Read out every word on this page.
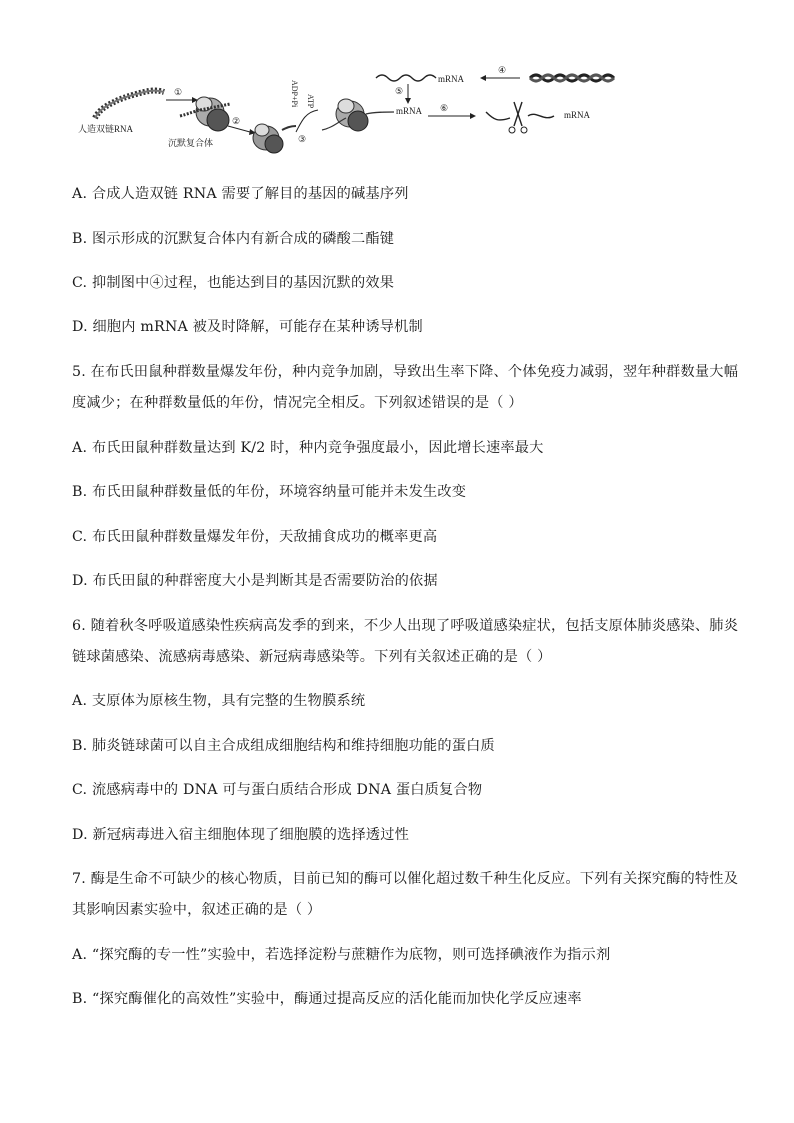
人造双链RNA
①
沉默复合体
②
ADP+Pi ATP
③
④
mRNA
⑤
mRNA ⑥
mRNA
A. 合成人造双链 RNA 需要了解目的基因的碱基序列
B. 图示形成的沉默复合体内有新合成的磷酸二酯键
C. 抑制图中④过程，也能达到目的基因沉默的效果
D. 细胞内 mRNA 被及时降解，可能存在某种诱导机制
5. 在布氏田鼠种群数量爆发年份，种内竞争加剧，导致出生率下降、个体免疫力减弱，翌年种群数量大幅
度减少；在种群数量低的年份，情况完全相反。下列叙述错误的是（ ）
A. 布氏田鼠种群数量达到 K/2 时，种内竞争强度最小，因此增长速率最大
B. 布氏田鼠种群数量低的年份，环境容纳量可能并未发生改变
C. 布氏田鼠种群数量爆发年份，天敌捕食成功的概率更高
D. 布氏田鼠的种群密度大小是判断其是否需要防治的依据
6. 随着秋冬呼吸道感染性疾病高发季的到来，不少人出现了呼吸道感染症状，包括支原体肺炎感染、肺炎
链球菌感染、流感病毒感染、新冠病毒感染等。下列有关叙述正确的是（ ）
A. 支原体为原核生物，具有完整的生物膜系统
B. 肺炎链球菌可以自主合成组成细胞结构和维持细胞功能的蛋白质
C. 流感病毒中的 DNA 可与蛋白质结合形成 DNA 蛋白质复合物
D. 新冠病毒进入宿主细胞体现了细胞膜的选择透过性
7. 酶是生命不可缺少的核心物质，目前已知的酶可以催化超过数千种生化反应。下列有关探究酶的特性及
其影响因素实验中，叙述正确的是（ ）
A. “探究酶的专一性”实验中，若选择淀粉与蔗糖作为底物，则可选择碘液作为指示剂
B. “探究酶催化的高效性”实验中，酶通过提高反应的活化能而加快化学反应速率
